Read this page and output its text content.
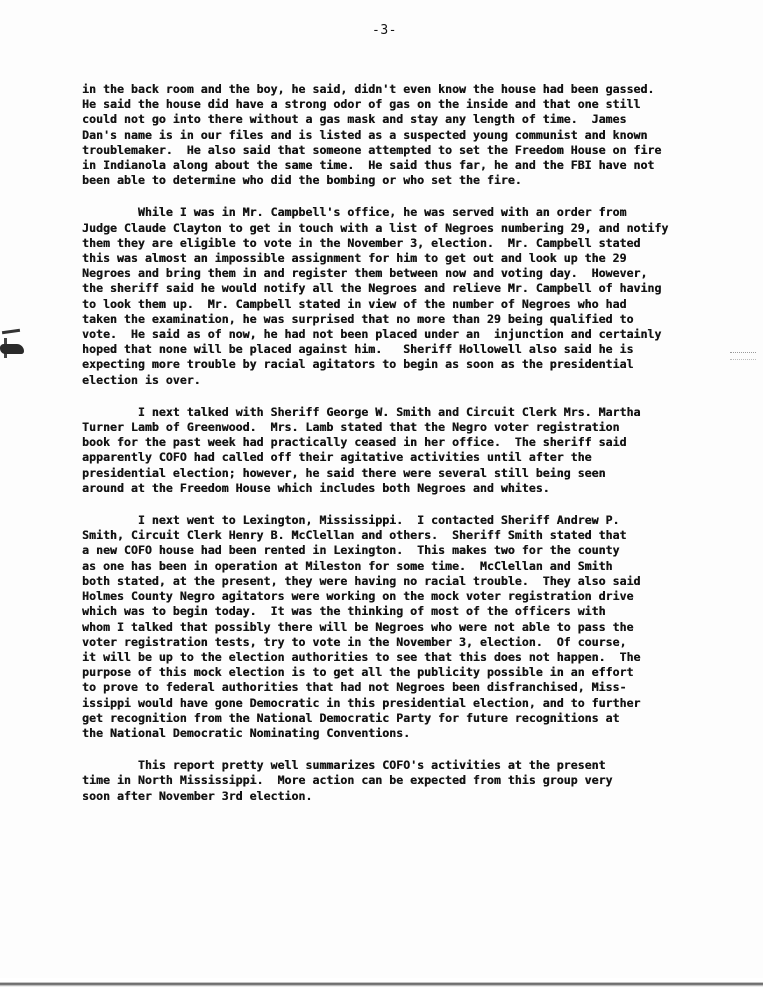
-3-

in the back room and the boy, he said, didn't even know the house had been gassed.
He said the house did have a strong odor of gas on the inside and that one still
could not go into there without a gas mask and stay any length of time.  James
Dan's name is in our files and is listed as a suspected young communist and known
troublemaker.  He also said that someone attempted to set the Freedom House on fire
in Indianola along about the same time.  He said thus far, he and the FBI have not
been able to determine who did the bombing or who set the fire.

While I was in Mr. Campbell's office, he was served with an order from
Judge Claude Clayton to get in touch with a list of Negroes numbering 29, and notify
them they are eligible to vote in the November 3, election.  Mr. Campbell stated
this was almost an impossible assignment for him to get out and look up the 29
Negroes and bring them in and register them between now and voting day.  However,
the sheriff said he would notify all the Negroes and relieve Mr. Campbell of having
to look them up.  Mr. Campbell stated in view of the number of Negroes who had
taken the examination, he was surprised that no more than 29 being qualified to
vote.  He said as of now, he had not been placed under an  injunction and certainly
hoped that none will be placed against him.   Sheriff Hollowell also said he is
expecting more trouble by racial agitators to begin as soon as the presidential
election is over.

I next talked with Sheriff George W. Smith and Circuit Clerk Mrs. Martha
Turner Lamb of Greenwood.  Mrs. Lamb stated that the Negro voter registration
book for the past week had practically ceased in her office.  The sheriff said
apparently COFO had called off their agitative activities until after the
presidential election; however, he said there were several still being seen
around at the Freedom House which includes both Negroes and whites.

I next went to Lexington, Mississippi.  I contacted Sheriff Andrew P.
Smith, Circuit Clerk Henry B. McClellan and others.  Sheriff Smith stated that
a new COFO house had been rented in Lexington.  This makes two for the county
as one has been in operation at Mileston for some time.  McClellan and Smith
both stated, at the present, they were having no racial trouble.  They also said
Holmes County Negro agitators were working on the mock voter registration drive
which was to begin today.  It was the thinking of most of the officers with
whom I talked that possibly there will be Negroes who were not able to pass the
voter registration tests, try to vote in the November 3, election.  Of course,
it will be up to the election authorities to see that this does not happen.  The
purpose of this mock election is to get all the publicity possible in an effort
to prove to federal authorities that had not Negroes been disfranchised, Miss-
issippi would have gone Democratic in this presidential election, and to further
get recognition from the National Democratic Party for future recognitions at
the National Democratic Nominating Conventions.

This report pretty well summarizes COFO's activities at the present
time in North Mississippi.  More action can be expected from this group very
soon after November 3rd election.
